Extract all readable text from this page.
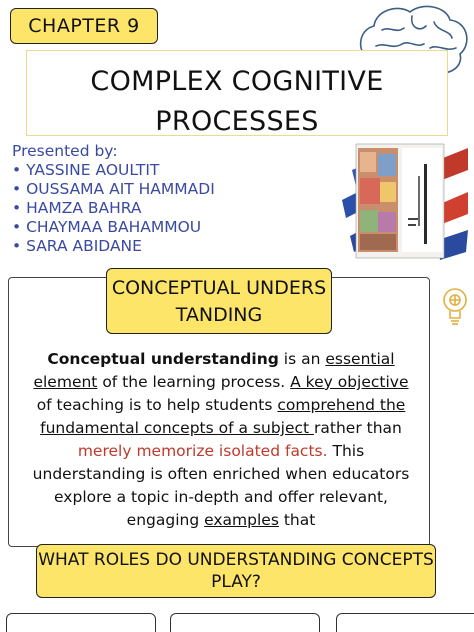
CHAPTER 9
COMPLEX COGNITIVE
PROCESSES
Presented by:
• YASSINE AOULTIT
• OUSSAMA AIT HAMMADI
• HAMZA BAHRA
• CHAYMAA BAHAMMOU
• SARA ABIDANE
CONCEPTUAL UNDERSTANDING

Conceptual understanding is an essential element of the learning process. A key objective of teaching is to help students comprehend the fundamental concepts of a subject rather than merely memorize isolated facts. This understanding is often enriched when educators explore a topic in-depth and offer relevant, engaging examples that

WHAT ROLES DO UNDERSTANDING CONCEPTS PLAY?
